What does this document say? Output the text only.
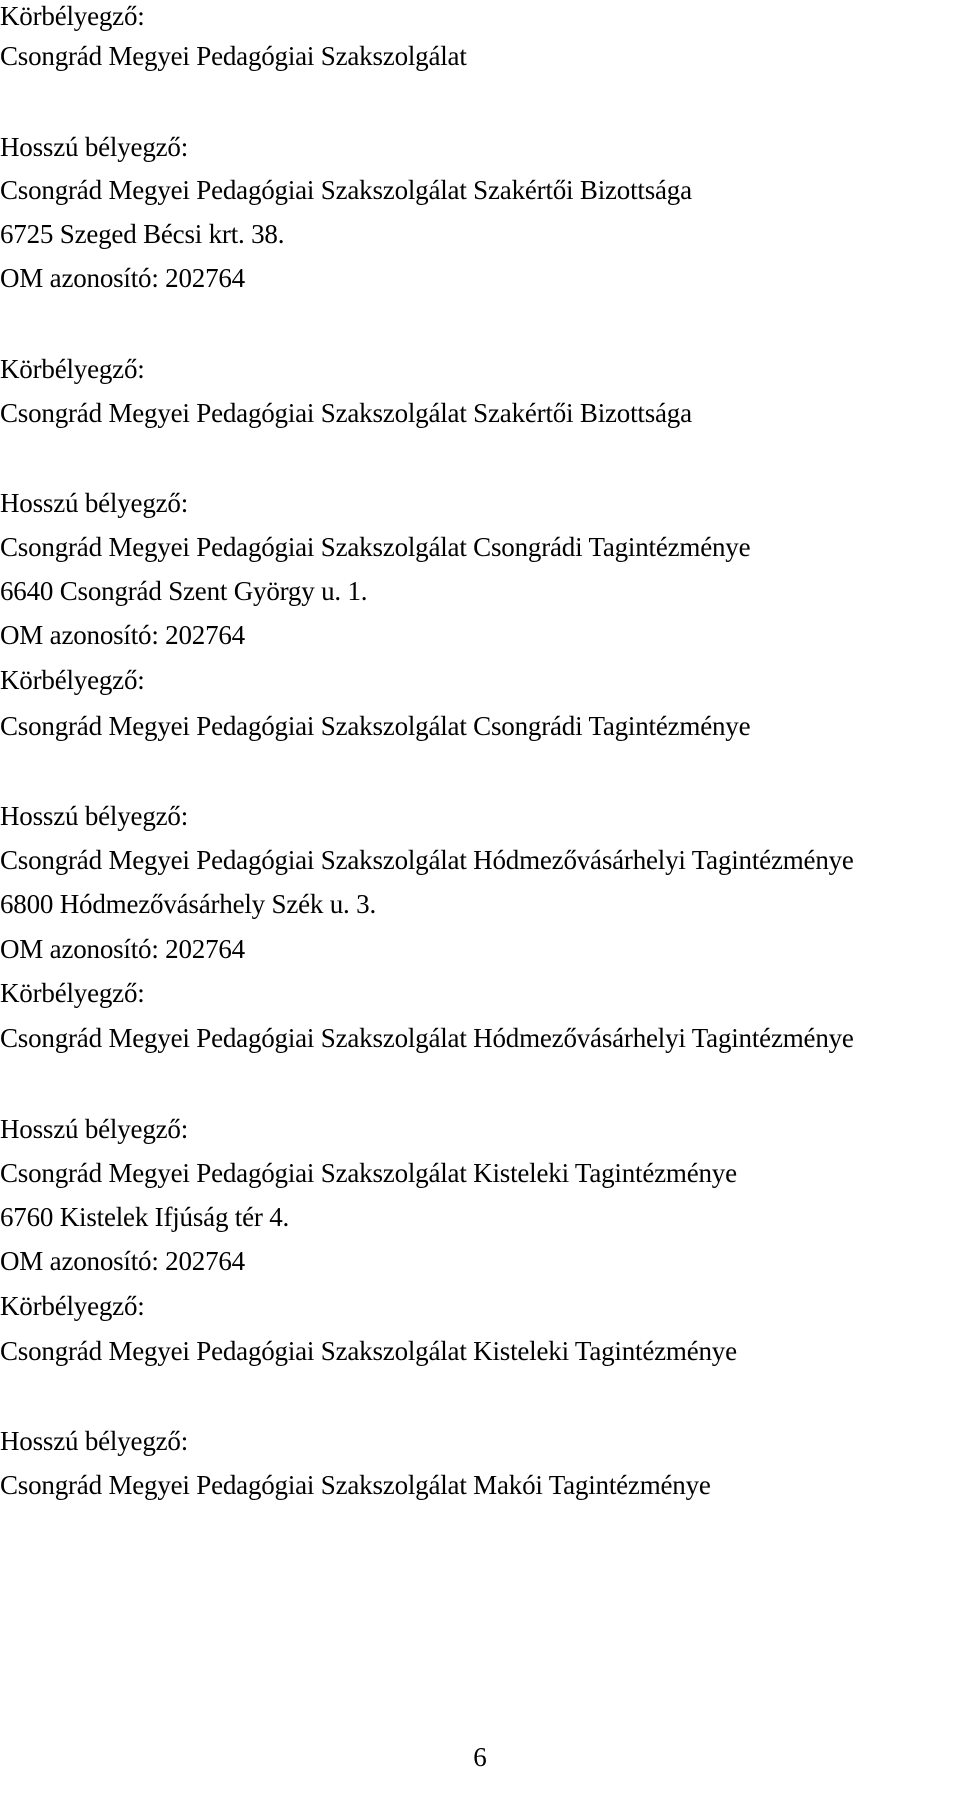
Körbélyegző:
Csongrád Megyei Pedagógiai Szakszolgálat
Hosszú bélyegző:
Csongrád Megyei Pedagógiai Szakszolgálat Szakértői Bizottsága
6725 Szeged Bécsi krt. 38.
OM azonosító: 202764
Körbélyegző:
Csongrád Megyei Pedagógiai Szakszolgálat Szakértői Bizottsága
Hosszú bélyegző:
Csongrád Megyei Pedagógiai Szakszolgálat Csongrádi Tagintézménye
6640 Csongrád Szent György u. 1.
OM azonosító: 202764
Körbélyegző:
Csongrád Megyei Pedagógiai Szakszolgálat Csongrádi Tagintézménye
Hosszú bélyegző:
Csongrád Megyei Pedagógiai Szakszolgálat Hódmezővásárhelyi Tagintézménye
6800 Hódmezővásárhely Szék u. 3.
OM azonosító: 202764
Körbélyegző:
Csongrád Megyei Pedagógiai Szakszolgálat Hódmezővásárhelyi Tagintézménye
Hosszú bélyegző:
Csongrád Megyei Pedagógiai Szakszolgálat Kisteleki Tagintézménye
6760 Kistelek Ifjúság tér 4.
OM azonosító: 202764
Körbélyegző:
Csongrád Megyei Pedagógiai Szakszolgálat Kisteleki Tagintézménye
Hosszú bélyegző:
Csongrád Megyei Pedagógiai Szakszolgálat Makói Tagintézménye
6
